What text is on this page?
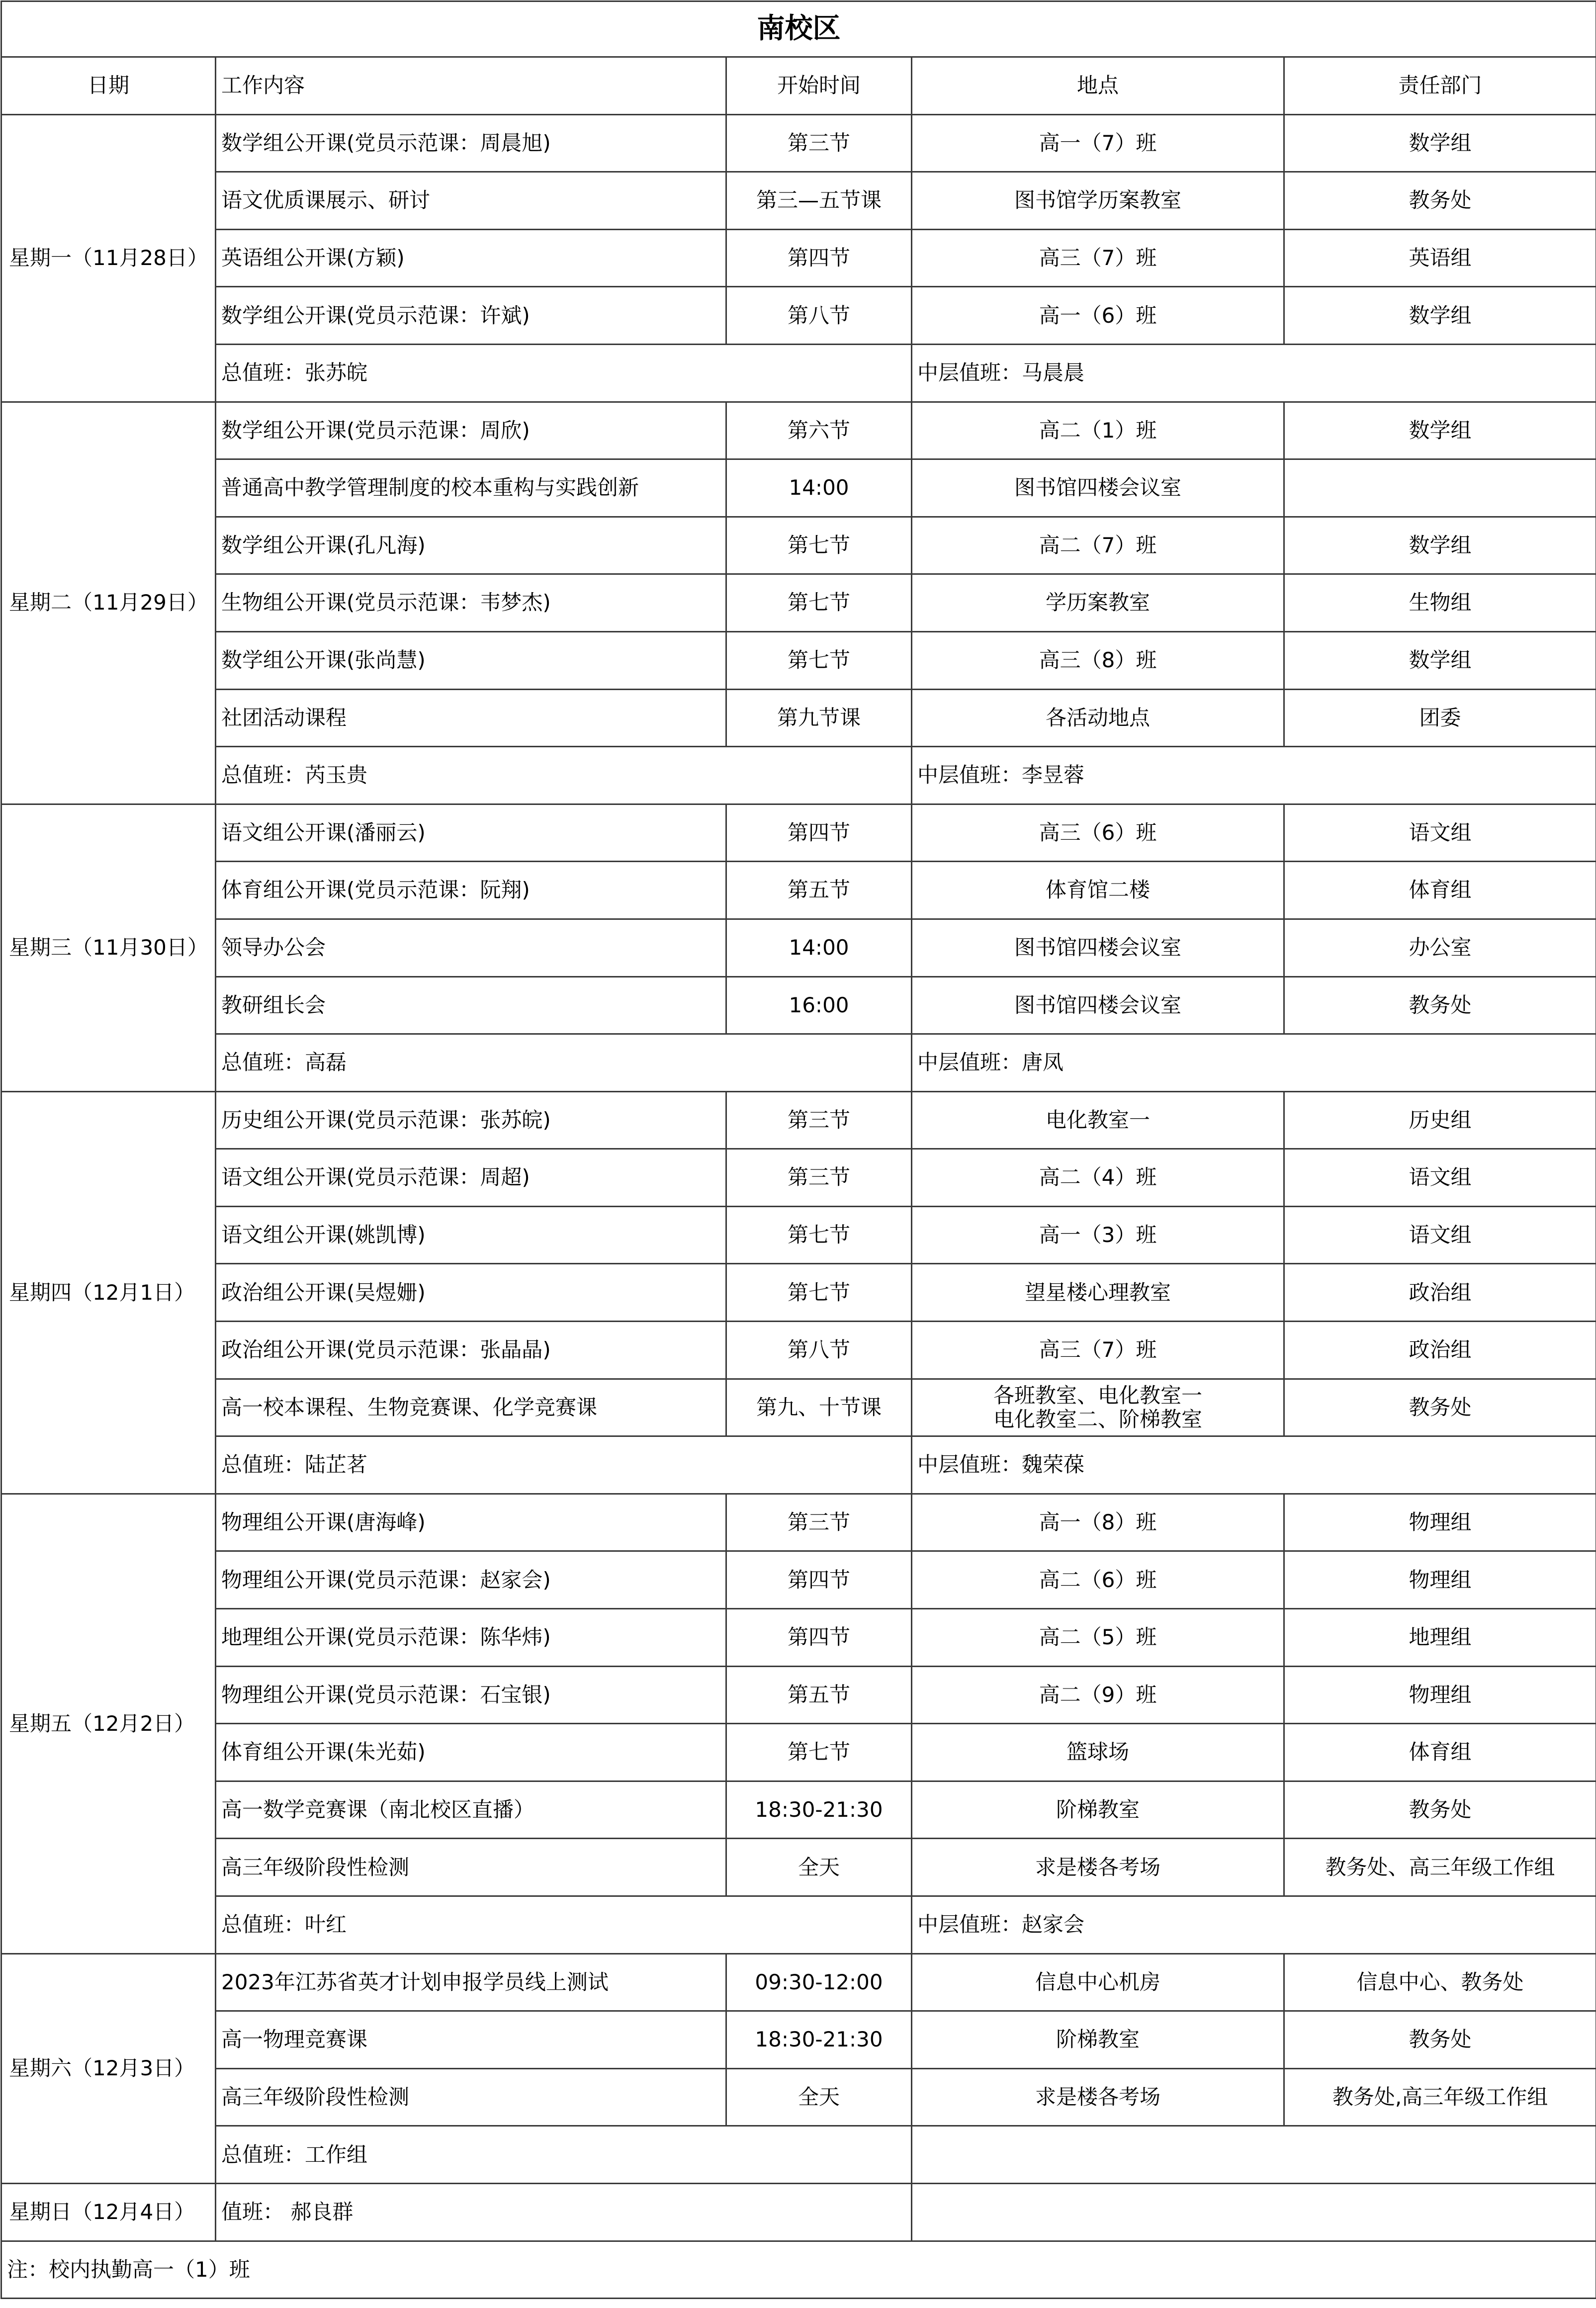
南校区				
日期	工作内容	开始时间	地点	责任部门
星期一（11月28日）	数学组公开课(党员示范课：周晨旭)	第三节	高一（7）班	数学组
	语文优质课展示、研讨	第三—五节课	图书馆学历案教室	教务处
	英语组公开课(方颖)	第四节	高三（7）班	英语组
	数学组公开课(党员示范课：许斌)	第八节	高一（6）班	数学组
	总值班：张苏皖		中层值班：马晨晨	
星期二（11月29日）	数学组公开课(党员示范课：周欣)	第六节	高二（1）班	数学组
	普通高中教学管理制度的校本重构与实践创新	14:00	图书馆四楼会议室	
	数学组公开课(孔凡海)	第七节	高二（7）班	数学组
	生物组公开课(党员示范课：韦梦杰)	第七节	学历案教室	生物组
	数学组公开课(张尚慧)	第七节	高三（8）班	数学组
	社团活动课程	第九节课	各活动地点	团委
	总值班：芮玉贵		中层值班：李昱蓉	
星期三（11月30日）	语文组公开课(潘丽云)	第四节	高三（6）班	语文组
	体育组公开课(党员示范课：阮翔)	第五节	体育馆二楼	体育组
	领导办公会	14:00	图书馆四楼会议室	办公室
	教研组长会	16:00	图书馆四楼会议室	教务处
	总值班：高磊		中层值班：唐凤	
星期四（12月1日）	历史组公开课(党员示范课：张苏皖)	第三节	电化教室一	历史组
	语文组公开课(党员示范课：周超)	第三节	高二（4）班	语文组
	语文组公开课(姚凯博)	第七节	高一（3）班	语文组
	政治组公开课(吴煜姗)	第七节	望星楼心理教室	政治组
	政治组公开课(党员示范课：张晶晶)	第八节	高三（7）班	政治组
	高一校本课程、生物竞赛课、化学竞赛课	第九、十节课	各班教室、电化教室一
电化教室二、阶梯教室	教务处
	总值班：陆芷茗		中层值班：魏荣葆	
星期五（12月2日）	物理组公开课(唐海峰)	第三节	高一（8）班	物理组
	物理组公开课(党员示范课：赵家会)	第四节	高二（6）班	物理组
	地理组公开课(党员示范课：陈华炜)	第四节	高二（5）班	地理组
	物理组公开课(党员示范课：石宝银)	第五节	高二（9）班	物理组
	体育组公开课(朱光茹)	第七节	篮球场	体育组
	高一数学竞赛课（南北校区直播）	18:30-21:30	阶梯教室	教务处
	高三年级阶段性检测	全天	求是楼各考场	教务处、高三年级工作组
	总值班：叶红		中层值班：赵家会	
星期六（12月3日）	2023年江苏省英才计划申报学员线上测试	09:30-12:00	信息中心机房	信息中心、教务处
	高一物理竞赛课	18:30-21:30	阶梯教室	教务处
	高三年级阶段性检测	全天	求是楼各考场	教务处,高三年级工作组
	总值班：工作组			
星期日（12月4日）	值班： 郝良群			
注：校内执勤高一（1）班				
